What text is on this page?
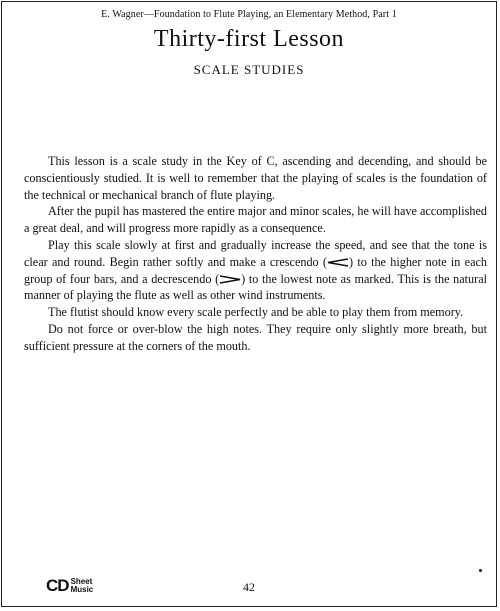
E. Wagner—Foundation to Flute Playing, an Elementary Method, Part 1
Thirty-first Lesson
SCALE STUDIES

This lesson is a scale study in the Key of C, ascending and decending, and should be conscientiously studied. It is well to remember that the playing of scales is the foundation of the technical or mechanical branch of flute playing.

After the pupil has mastered the entire major and minor scales, he will have accomplished a great deal, and will progress more rapidly as a consequence.

Play this scale slowly at first and gradually increase the speed, and see that the tone is clear and round. Begin rather softly and make a crescendo ( ) to the higher note in each group of four bars, and a decrescendo ( ) to the lowest note as marked. This is the natural manner of playing the flute as well as other wind instruments.

The flutist should know every scale perfectly and be able to play them from memory.

Do not force or over-blow the high notes. They require only slightly more breath, but sufficient pressure at the corners of the mouth.

CD Sheet
Music	42
